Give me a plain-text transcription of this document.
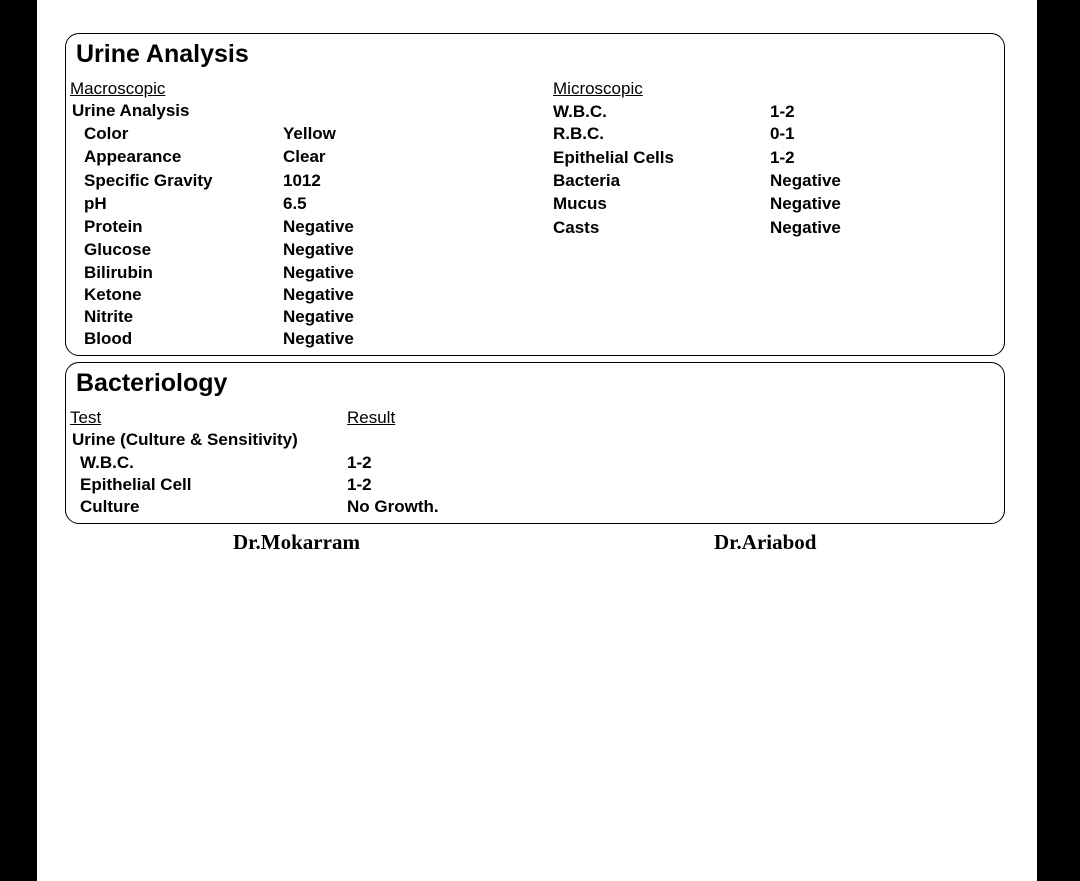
Urine Analysis
Macroscopic
Urine Analysis
Color	Yellow
Appearance	Clear
Specific Gravity	1012
pH	6.5
Protein	Negative
Glucose	Negative
Bilirubin	Negative
Ketone	Negative
Nitrite	Negative
Blood	Negative
Microscopic
W.B.C.	1-2
R.B.C.	0-1
Epithelial Cells	1-2
Bacteria	Negative
Mucus	Negative
Casts	Negative
Bacteriology
Test	Result
Urine (Culture & Sensitivity)
W.B.C.	1-2
Epithelial Cell	1-2
Culture	No Growth.
Dr.Mokarram	Dr.Ariabod
